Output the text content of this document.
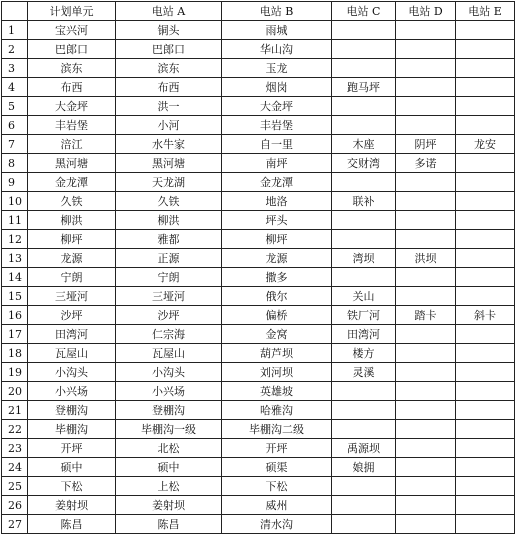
	计划单元	电站 A	电站 B	电站 C	电站 D	电站 E
1	宝兴河	铜头	雨城			
2	巴郎口	巴郎口	华山沟			
3	滨东	滨东	玉龙			
4	布西	布西	烟岗	跑马坪		
5	大金坪	洪一	大金坪			
6	丰岩堡	小河	丰岩堡			
7	涪江	水牛家	自一里	木座	阴坪	龙安
8	黑河塘	黑河塘	南坪	交财湾	多诺	
9	金龙潭	天龙湖	金龙潭			
10	久铁	久铁	地洛	联补		
11	柳洪	柳洪	坪头			
12	柳坪	雅都	柳坪			
13	龙源	正源	龙源	湾坝	洪坝	
14	宁朗	宁朗	撒多			
15	三垭河	三垭河	俄尔	关山		
16	沙坪	沙坪	偏桥	铁厂河	踏卡	斜卡
17	田湾河	仁宗海	金窝	田湾河		
18	瓦屋山	瓦屋山	葫芦坝	楼方		
19	小沟头	小沟头	刘河坝	灵溪		
20	小兴场	小兴场	英雄坡			
21	登棚沟	登棚沟	哈雅沟			
22	毕棚沟	毕棚沟一级	毕棚沟二级			
23	开坪	北松	开坪	禹源坝		
24	硕中	硕中	硕渠	娘拥		
25	下松	上松	下松			
26	姜射坝	姜射坝	威州			
27	陈昌	陈昌	清水沟			
